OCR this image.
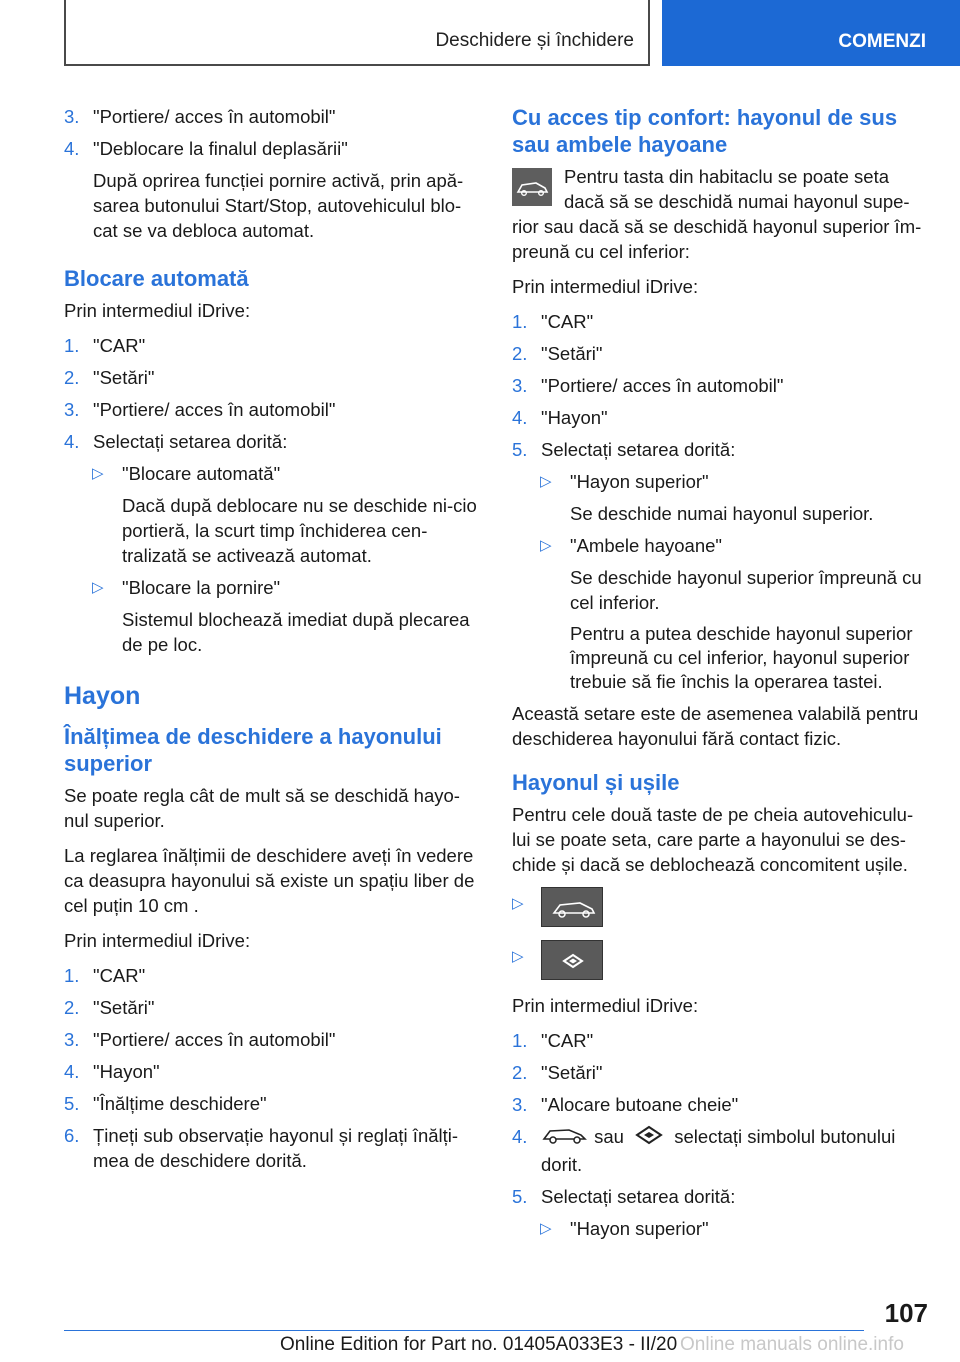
Deschidere și închidere	COMENZI
3. "Portiere/ acces în automobil"
4. "Deblocare la finalul deplasării"
După oprirea funcției pornire activă, prin apă-sarea butonului Start/Stop, autovehiculul blo-cat se va debloca automat.
Blocare automată

Prin intermediul iDrive:

1. "CAR"
2. "Setări"
3. "Portiere/ acces în automobil"
4. Selectați setarea dorită:
▷ "Blocare automată"
Dacă după deblocare nu se deschide ni-cio portieră, la scurt timp închiderea cen-tralizată se activează automat.
▷ "Blocare la pornire"
Sistemul blochează imediat după plecarea de pe loc.
Hayon
Înălțimea de deschidere a hayonului superior

Se poate regla cât de mult să se deschidă hayo-nul superior.

La reglarea înălțimii de deschidere aveți în vedere ca deasupra hayonului să existe un spațiu liber de cel puțin 10 cm .

Prin intermediul iDrive:

1. "CAR"
2. "Setări"
3. "Portiere/ acces în automobil"
4. "Hayon"
5. "Înălțime deschidere"
6. Țineți sub observație hayonul și reglați înălți-mea de deschidere dorită.
Cu acces tip confort: hayonul de sus sau ambele hayoane

Pentru tasta din habitaclu se poate seta dacă să se deschidă numai hayonul supe-rior sau dacă să se deschidă hayonul superior îm-preună cu cel inferior:

Prin intermediul iDrive:

1. "CAR"
2. "Setări"
3. "Portiere/ acces în automobil"
4. "Hayon"
5. Selectați setarea dorită:
▷ "Hayon superior"
Se deschide numai hayonul superior.
▷ "Ambele hayoane"
Se deschide hayonul superior împreună cu cel inferior.
Pentru a putea deschide hayonul superior împreună cu cel inferior, hayonul superior trebuie să fie închis la operarea tastei.

Această setare este de asemenea valabilă pentru deschiderea hayonului fără contact fizic.

Hayonul și ușile

Pentru cele două taste de pe cheia autovehiculu-lui se poate seta, care parte a hayonului se des-chide și dacă se deblochează concomitent ușile.

▷
▷

Prin intermediul iDrive:

1. "CAR"
2. "Setări"
3. "Alocare butoane cheie"
4.	sau	selectați simbolul butonului dorit.
5. Selectați setarea dorită:
▷ "Hayon superior"
107
Online manuals online.info
Online Edition for Part no. 01405A033E3 - II/20
